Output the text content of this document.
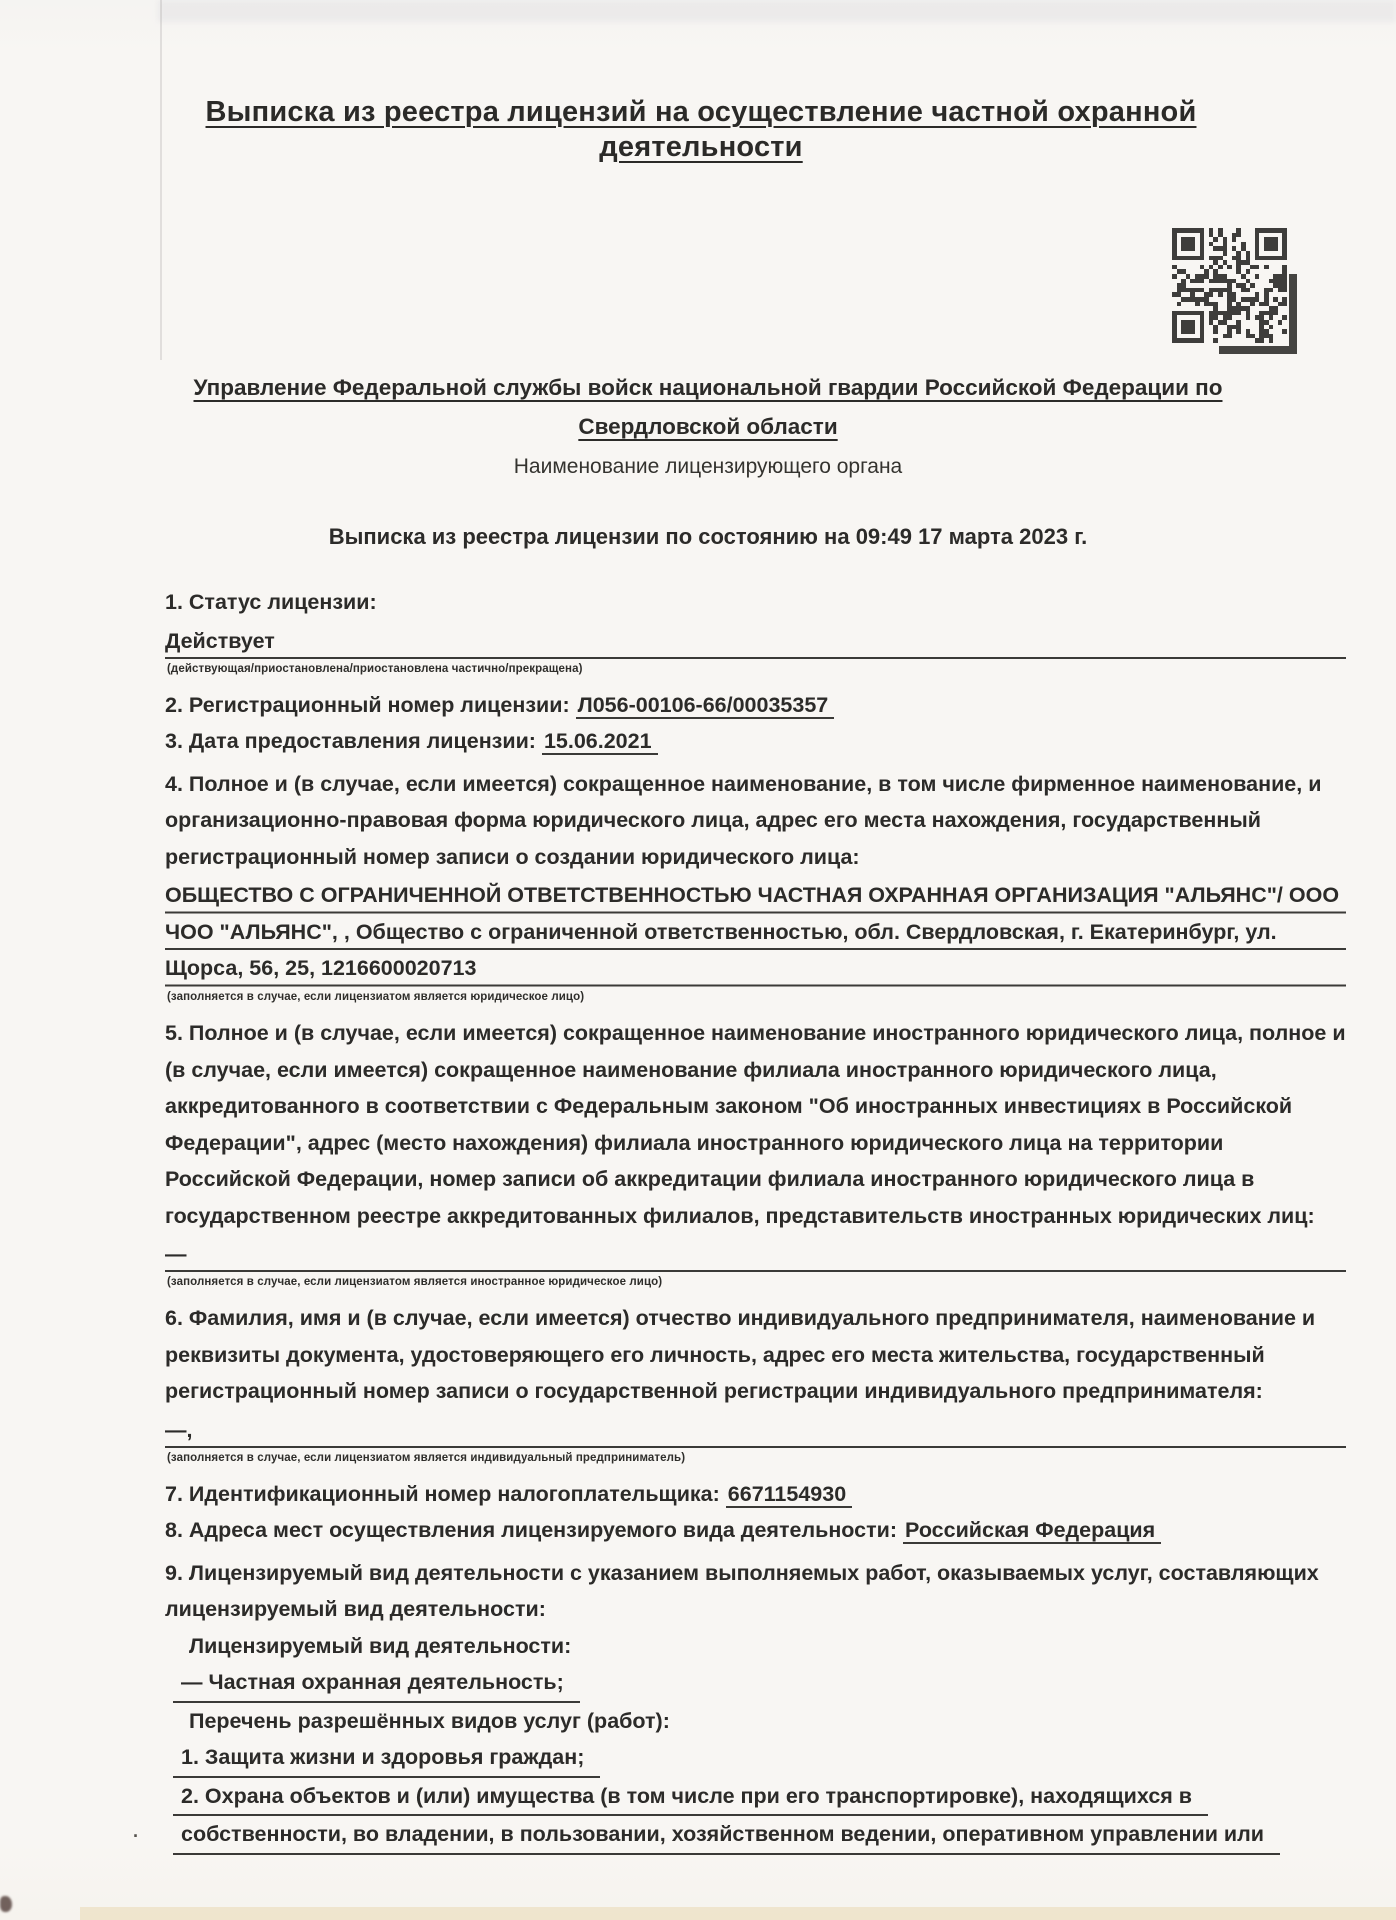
Выписка из реестра лицензий на осуществление частной охранной деятельности
Управление Федеральной службы войск национальной гвардии Российской Федерации по Свердловской области
Наименование лицензирующего органа
Выписка из реестра лицензии по состоянию на 09:49 17 марта 2023 г.
1. Статус лицензии:
Действует
(действующая/приостановлена/приостановлена частично/прекращена)
2. Регистрационный номер лицензии: Л056-00106-66/00035357
3. Дата предоставления лицензии: 15.06.2021
4. Полное и (в случае, если имеется) сокращенное наименование, в том числе фирменное наименование, и организационно-правовая форма юридического лица, адрес его места нахождения, государственный регистрационный номер записи о создании юридического лица:
ОБЩЕСТВО С ОГРАНИЧЕННОЙ ОТВЕТСТВЕННОСТЬЮ ЧАСТНАЯ ОХРАННАЯ ОРГАНИЗАЦИЯ "АЛЬЯНС"/ ООО ЧОО "АЛЬЯНС", , Общество с ограниченной ответственностью, обл. Свердловская, г. Екатеринбург, ул. Щорса, 56, 25, 1216600020713
(заполняется в случае, если лицензиатом является юридическое лицо)
5. Полное и (в случае, если имеется) сокращенное наименование иностранного юридического лица, полное и (в случае, если имеется) сокращенное наименование филиала иностранного юридического лица, аккредитованного в соответствии с Федеральным законом "Об иностранных инвестициях в Российской Федерации", адрес (место нахождения) филиала иностранного юридического лица на территории Российской Федерации, номер записи об аккредитации филиала иностранного юридического лица в государственном реестре аккредитованных филиалов, представительств иностранных юридических лиц:
—
(заполняется в случае, если лицензиатом является иностранное юридическое лицо)
6. Фамилия, имя и (в случае, если имеется) отчество индивидуального предпринимателя, наименование и реквизиты документа, удостоверяющего его личность, адрес его места жительства, государственный регистрационный номер записи о государственной регистрации индивидуального предпринимателя:
—,
(заполняется в случае, если лицензиатом является индивидуальный предприниматель)
7. Идентификационный номер налогоплательщика: 6671154930
8. Адреса мест осуществления лицензируемого вида деятельности: Российская Федерация
9. Лицензируемый вид деятельности с указанием выполняемых работ, оказываемых услуг, составляющих лицензируемый вид деятельности:
Лицензируемый вид деятельности:
— Частная охранная деятельность;
Перечень разрешённых видов услуг (работ):
1. Защита жизни и здоровья граждан;
2. Охрана объектов и (или) имущества (в том числе при его транспортировке), находящихся в
· собственности, во владении, в пользовании, хозяйственном ведении, оперативном управлении или
